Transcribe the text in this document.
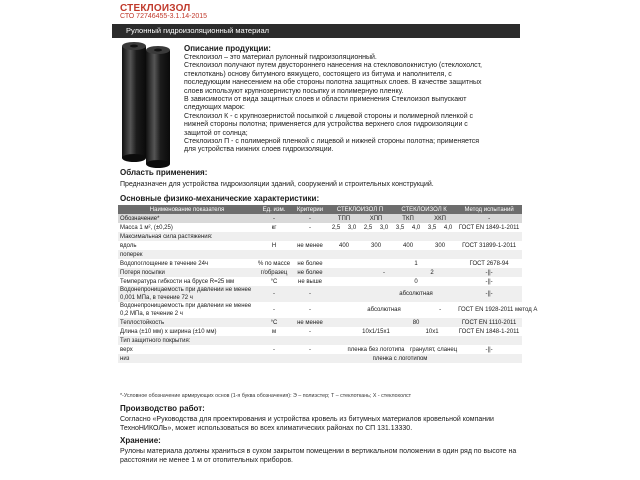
СТЕКЛОИЗОЛ
СТО 72746455-3.1.14-2015
Рулонный гидроизоляционный материал
Описание продукции:
Стеклоизол – это материал рулонный гидроизоляционный.
Стеклоизол получают путем двустороннего нанесения на стекловолокнистую (стеклохолст,
стеклоткань) основу битумного вяжущего, состоящего из битума и наполнителя, с
последующим нанесением на обе стороны полотна защитных слоев. В качестве защитных
слоев используют крупнозернистую посыпку и полимерную пленку.
В зависимости от вида защитных слоев и области применения Стеклоизол выпускают
следующих марок:
Стеклоизол К - с крупнозернистой посыпкой с лицевой стороны и полимерной пленкой с
нижней стороны полотна; применяется для устройства верхнего слоя гидроизоляции с
защитой от солнца;
Стеклоизол П - с полимерной пленкой с лицевой и нижней стороны полотна; применяется
для устройства нижних слоев гидроизоляции.
Область применения:
Предназначен для устройства гидроизоляции зданий, сооружений и строительных конструкций.
Основные физико-механические характеристики:
Наименование показателя	Ед. изм.	Критерии	СТЕКЛОИЗОЛ П				СТЕКЛОИЗОЛ К				Метод испытаний
Обозначение*	-	-	ТПП		ХПП		ТКП		ХКП		-
Масса 1 м², (±0,25)	кг	-	2,5	3,0	2,5	3,0	3,5	4,0	3,5	4,0	ГОСТ EN 1849-1-2011
Максимальная сила растяжения:											
вдоль	Н	не менее	400		300		400		300		ГОСТ 31899-1-2011
поперек											
Водопоглощение в течение 24ч	% по массе	не более				1					ГОСТ 2678-94
Потеря посыпки	г/образец	не более			-			2			-||-
Температура гибкости на брусе R=25 мм	°С	не выше				0					-||-
Водонепроницаемость при давлении не менее 0,001 МПа, в течение 72 ч	-	-				абсолютная					-||-
Водонепроницаемость при давлении не менее 0,2 МПа, в течение 2 ч	-	-		абсолютная					-		ГОСТ EN 1928-2011 метод А
Теплостойкость	°С	не менее				80					ГОСТ EN 1110-2011
Длина (±10 мм) х ширина (±10 мм)	м	-		10х1/15х1				10х1			ГОСТ EN 1848-1-2011
Тип защитного покрытия:											
верх	-	-		пленка без логотипа				гранулят, сланец			-||-
низ				пленка с логотипом							
*-Условное обозначение армирующих основ (1-я буква обозначения): Э – полиэстер; Т – стеклоткань; Х - стеклохолст
Производство работ:
Согласно «Руководства для проектирования и устройства кровель из битумных материалов кровельной компании ТехноНИКОЛЬ», может использоваться во всех климатических районах по СП 131.13330.
Хранение:
Рулоны материала должны храниться в сухом закрытом помещении в вертикальном положении в один ряд по высоте на расстоянии не менее 1 м от отопительных приборов.
